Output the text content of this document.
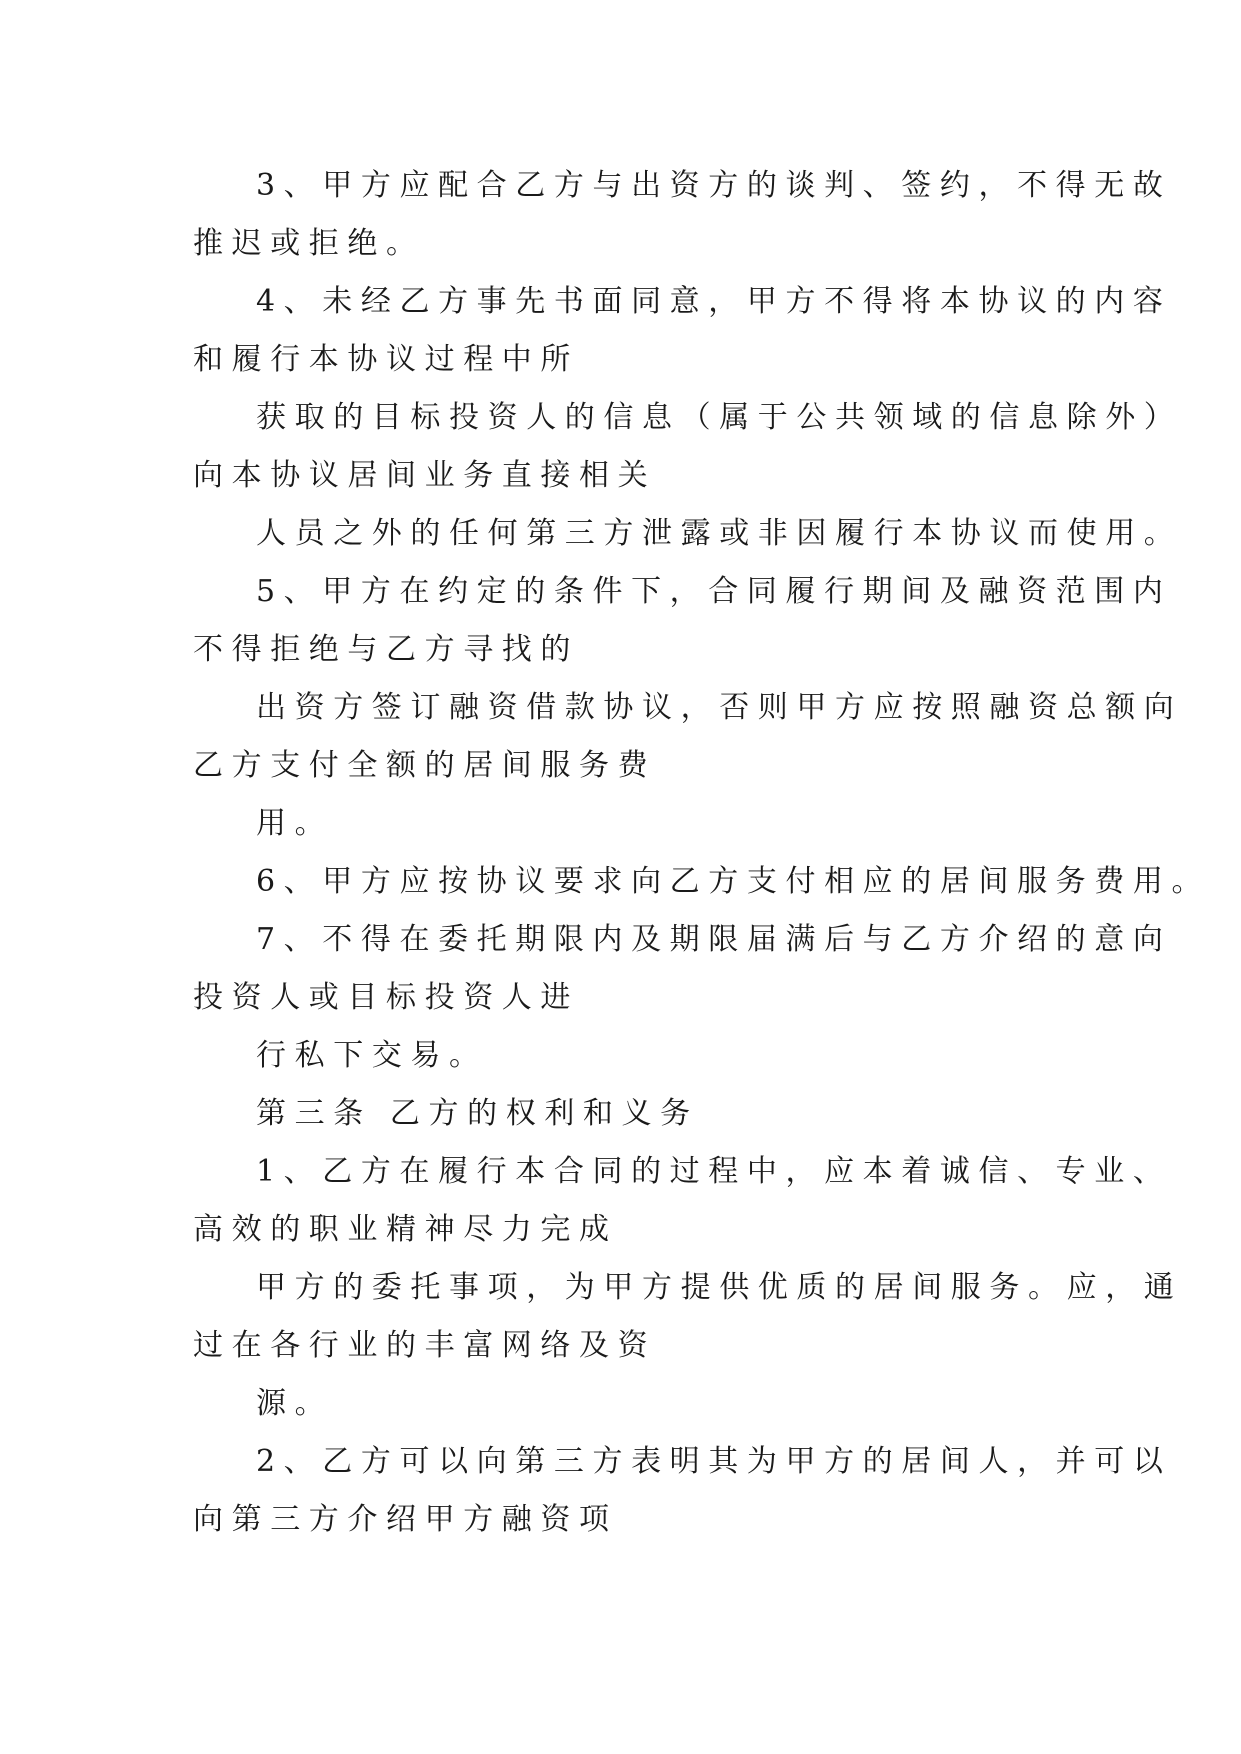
3、甲方应配合乙方与出资方的谈判、签约，不得无故

推迟或拒绝。

4、未经乙方事先书面同意，甲方不得将本协议的内容

和履行本协议过程中所

获取的目标投资人的信息（属于公共领域的信息除外）

向本协议居间业务直接相关

人员之外的任何第三方泄露或非因履行本协议而使用。

5、甲方在约定的条件下，合同履行期间及融资范围内

不得拒绝与乙方寻找的

出资方签订融资借款协议，否则甲方应按照融资总额向

乙方支付全额的居间服务费

用。

6、甲方应按协议要求向乙方支付相应的居间服务费用。

7、不得在委托期限内及期限届满后与乙方介绍的意向

投资人或目标投资人进

行私下交易。

第三条 乙方的权利和义务

1、乙方在履行本合同的过程中，应本着诚信、专业、

高效的职业精神尽力完成

甲方的委托事项，为甲方提供优质的居间服务。应，通

过在各行业的丰富网络及资

源。

2、乙方可以向第三方表明其为甲方的居间人，并可以

向第三方介绍甲方融资项
